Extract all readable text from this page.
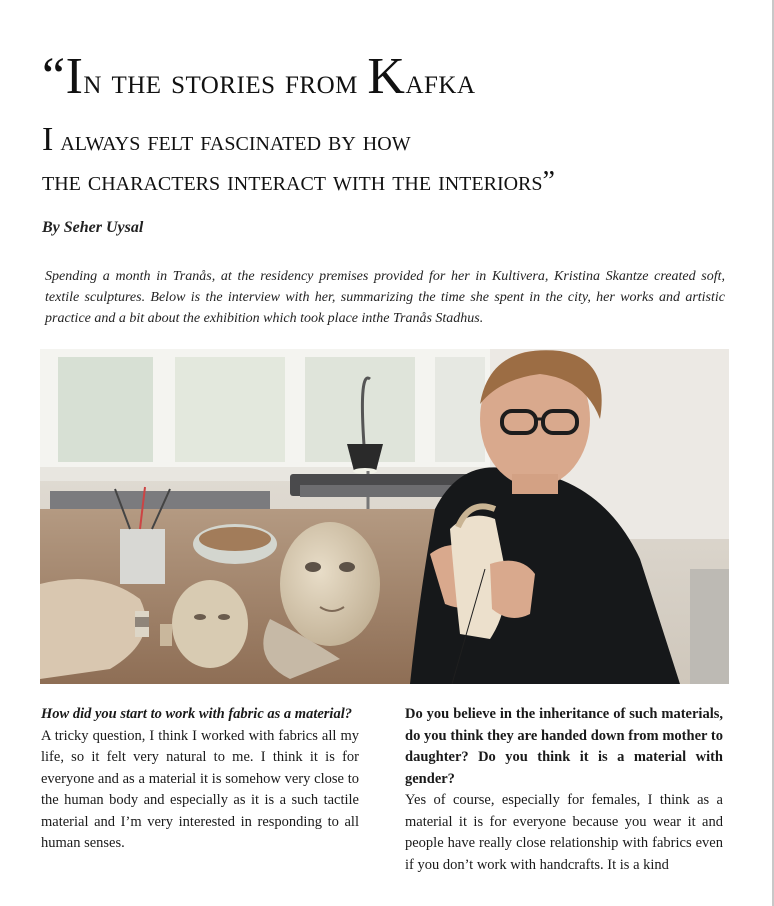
“In the stories from Kafka
I always felt fascinated by how
the characters interact with the interiors”
By Seher Uysal

Spending a month in Tranås, at the residency premises provided for her in Kultivera, Kristina Skantze created soft, textile sculptures. Below is the interview with her, summarizing the time she spent in the city, her works and artistic practice and a bit about the exhibition which took place inthe Tranås Stadhus.

How did you start to work with fabric as a material?

A tricky question, I think I worked with fabrics all my life, so it felt very natural to me. I think it is for everyone and as a material it is somehow very close to the human body and especially as it is a such tactile material and I’m very interested in responding to all human senses.

Do you believe in the inheritance of such materials, do you think they are handed down from mother to daughter? Do you think it is a material with gender?

Yes of course, especially for females, I think as a material it is for everyone because you wear it and people have really close relationship with fabrics even if you don’t work with handcrafts. It is a kind
